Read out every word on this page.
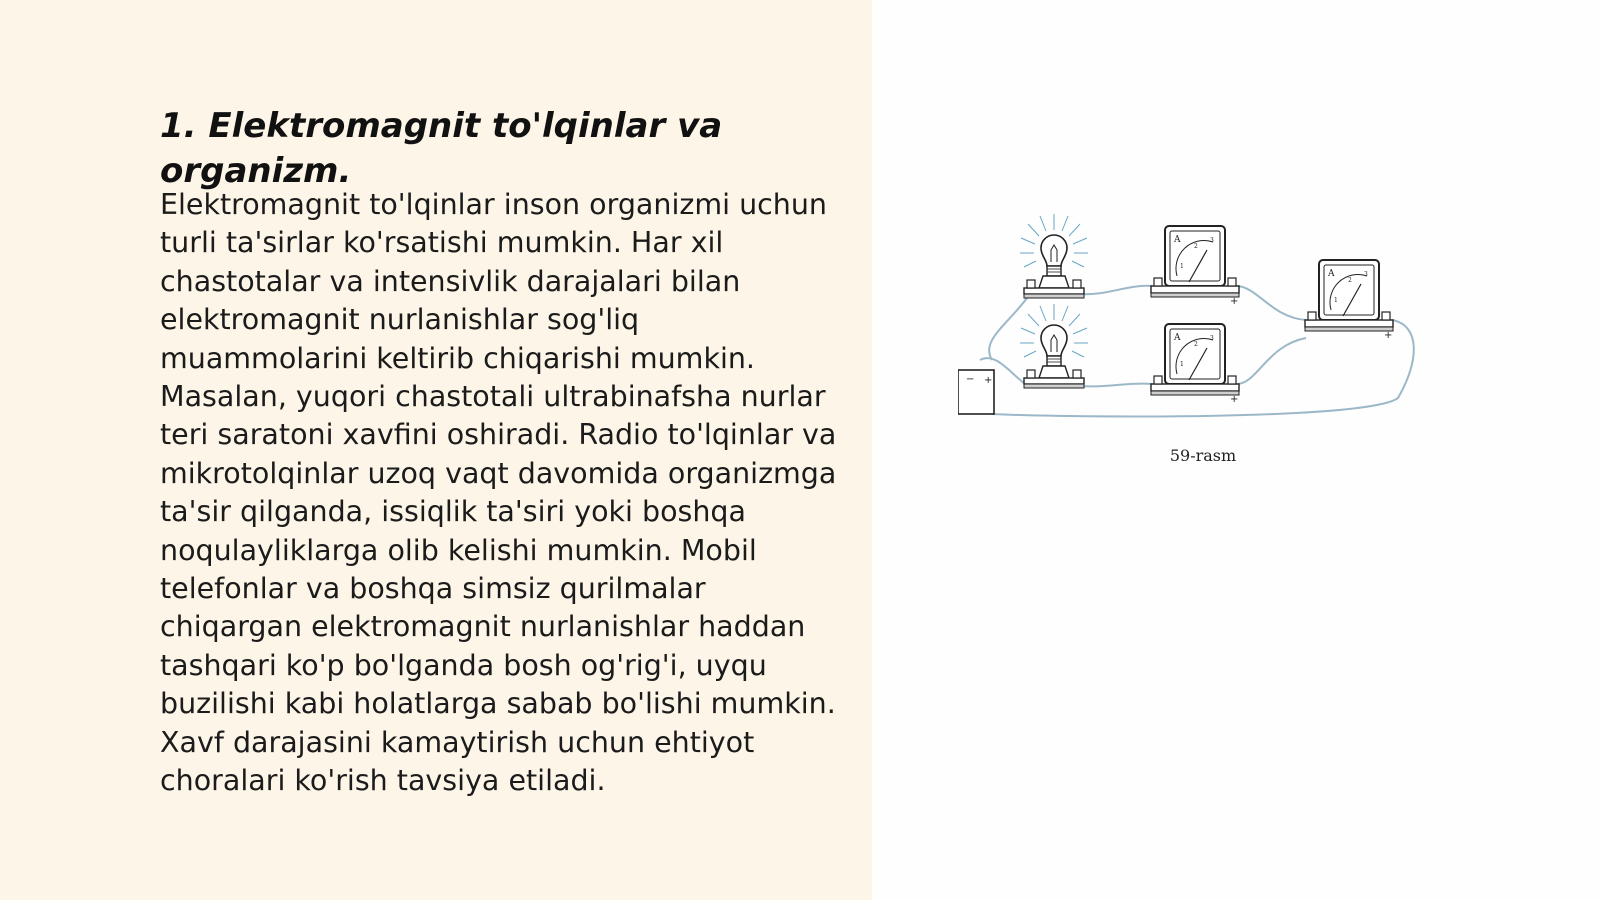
1. Elektromagnit to'lqinlar va organizm.

Elektromagnit to'lqinlar inson organizmi uchun turli ta'sirlar ko'rsatishi mumkin. Har xil chastotalar va intensivlik darajalari bilan elektromagnit nurlanishlar sog'liq muammolarini keltirib chiqarishi mumkin. Masalan, yuqori chastotali ultrabinafsha nurlar teri saratoni xavfini oshiradi. Radio to'lqinlar va mikrotolqinlar uzoq vaqt davomida organizmga ta'sir qilganda, issiqlik ta'siri yoki boshqa noqulayliklarga olib kelishi mumkin. Mobil telefonlar va boshqa simsiz qurilmalar chiqargan elektromagnit nurlanishlar haddan tashqari ko'p bo'lganda bosh og'rig'i, uyqu buzilishi kabi holatlarga sabab bo'lishi mumkin. Xavf darajasini kamaytirish uchun ehtiyot choralari ko'rish tavsiya etiladi.

− +
A
1
2
3
+
A
1
2
3
+
A
1
2
3
+
59-rasm
